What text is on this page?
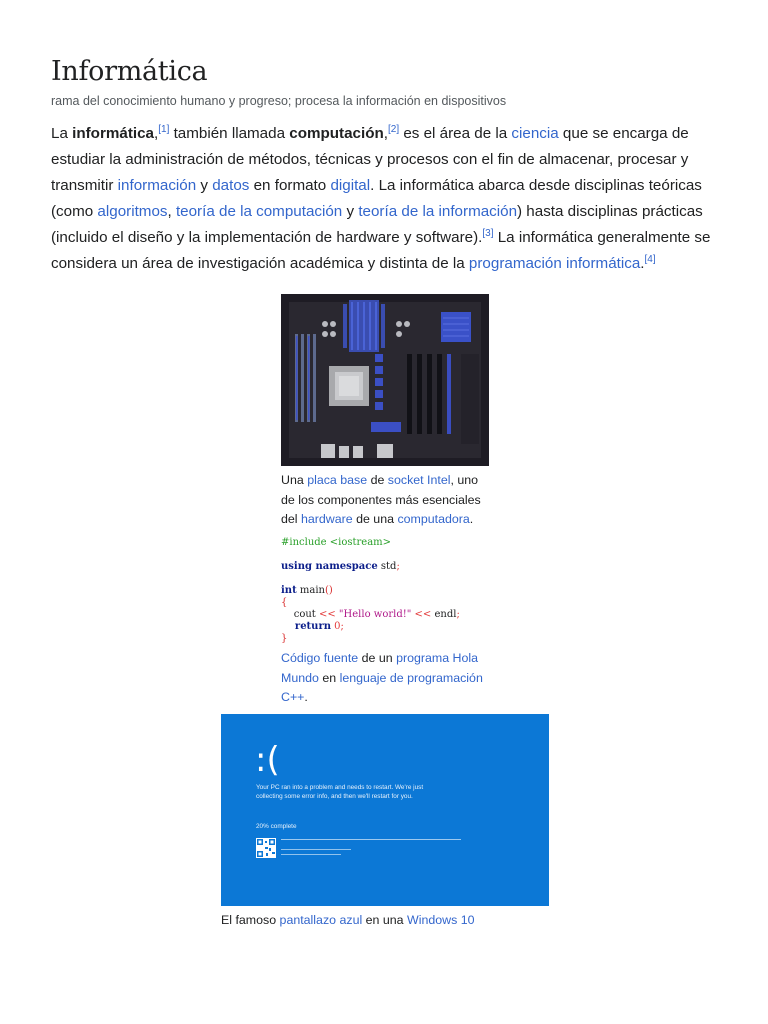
Informática
rama del conocimiento humano y progreso; procesa la información en dispositivos

La informática,[1] también llamada computación,[2] es el área de la ciencia que se encarga de estudiar la administración de métodos, técnicas y procesos con el fin de almacenar, procesar y transmitir información y datos en formato digital. La informática abarca desde disciplinas teóricas (como algoritmos, teoría de la computación y teoría de la información) hasta disciplinas prácticas (incluido el diseño y la implementación de hardware y software).[3] La informática generalmente se considera un área de investigación académica y distinta de la programación informática.[4]

Una placa base de socket Intel, uno de los componentes más esenciales del hardware de una computadora.
#include <iostream>
using namespace std;
int main()
{
cout << "Hello world!" << endl;
return 0;
}
Código fuente de un programa Hola Mundo en lenguaje de programación C++.
:(
Your PC ran into a problem and needs to restart. We're just collecting some error info, and then we'll restart for you.
20% complete
El famoso pantallazo azul en una Windows 10
